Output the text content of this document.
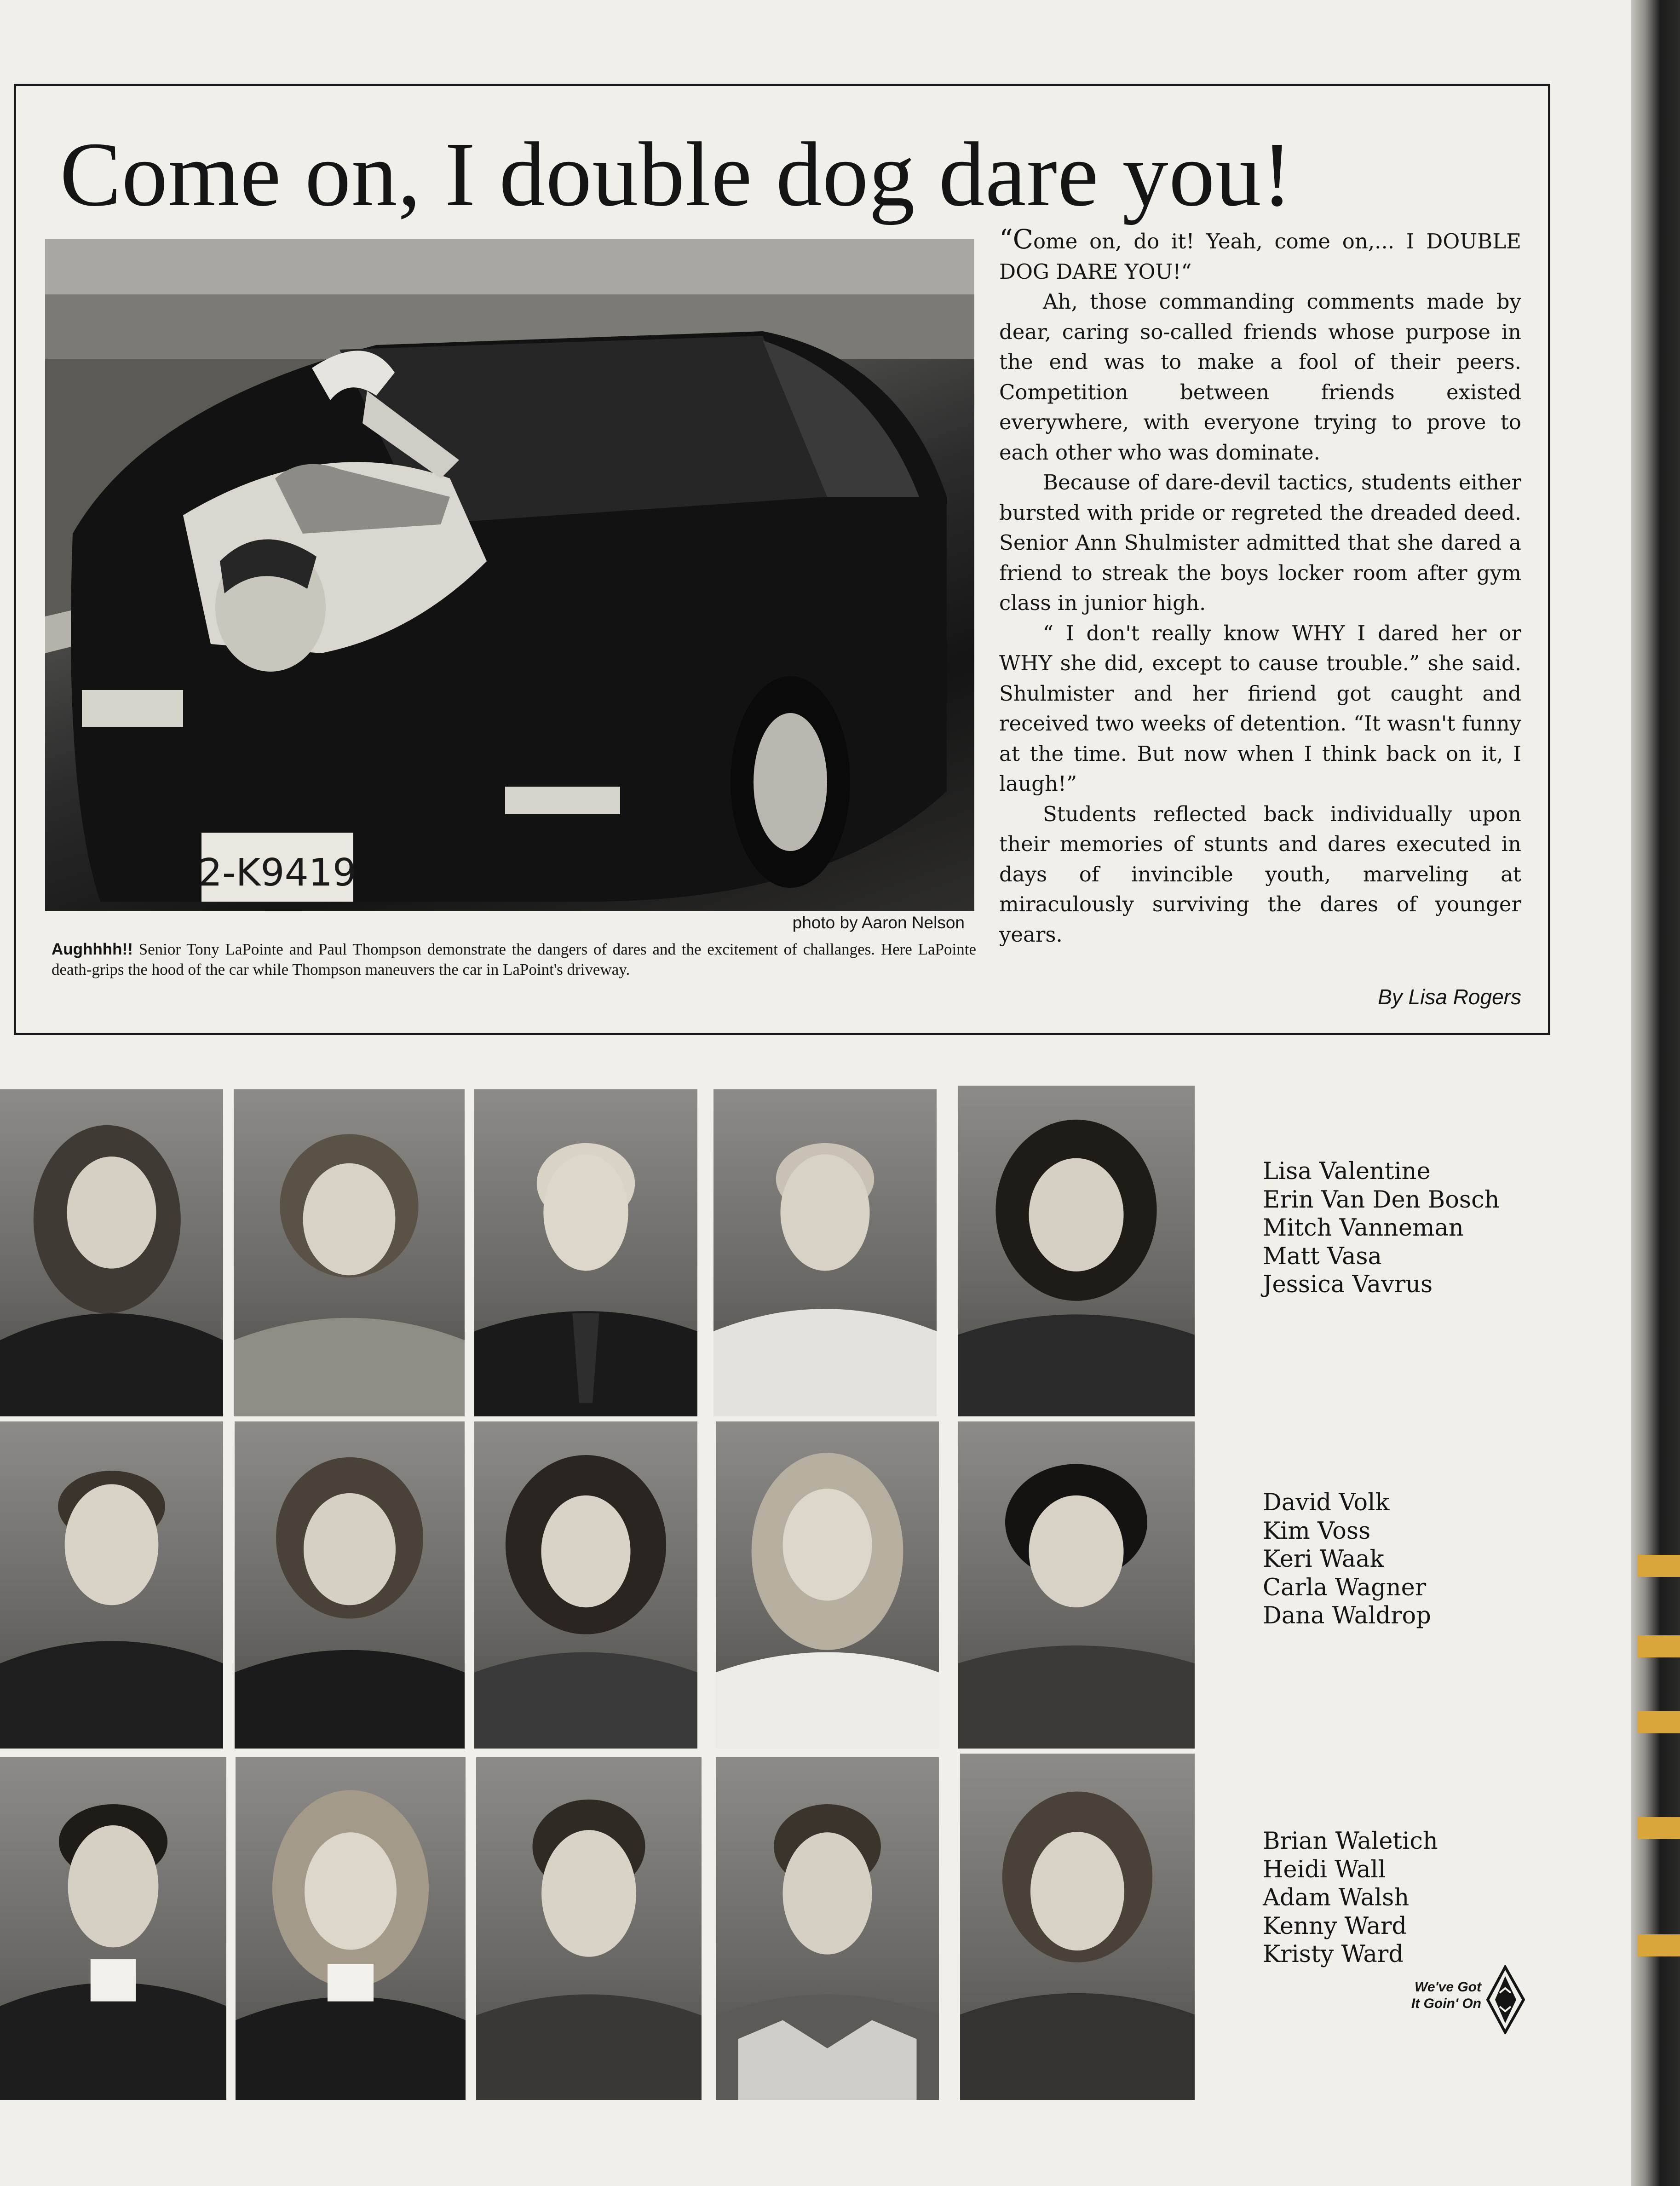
Come on, I double dog dare you!
2-K9419

photo by Aaron Nelson

Aughhhh!! Senior Tony LaPointe and Paul Thompson demonstrate the dangers of dares and the excitement of challanges. Here LaPointe death-grips the hood of the car while Thompson maneuvers the car in LaPoint's driveway.

“Come on, do it! Yeah, come on,... I DOUBLE DOG DARE YOU!“

Ah, those commanding comments made by dear, caring so-called friends whose purpose in the end was to make a fool of their peers. Competition between friends existed everywhere, with everyone trying to prove to each other who was dominate.

Because of dare-devil tactics, students either bursted with pride or regreted the dreaded deed. Senior Ann Shulmister admitted that she dared a friend to streak the boys locker room after gym class in junior high.

“ I don't really know WHY I dared her or WHY she did, except to cause trouble.” she said. Shulmister and her firiend got caught and received two weeks of detention. “It wasn't funny at the time. But now when I think back on it, I laugh!”

Students reflected back individually upon their memories of stunts and dares executed in days of invincible youth, marveling at miraculously surviving the dares of younger years.

By Lisa Rogers

Lisa Valentine
Erin Van Den Bosch
Mitch Vanneman
Matt Vasa
Jessica Vavrus
David Volk
Kim Voss
Keri Waak
Carla Wagner
Dana Waldrop
Brian Waletich
Heidi Wall
Adam Walsh
Kenny Ward
Kristy Ward

We've Got
It Goin' On
